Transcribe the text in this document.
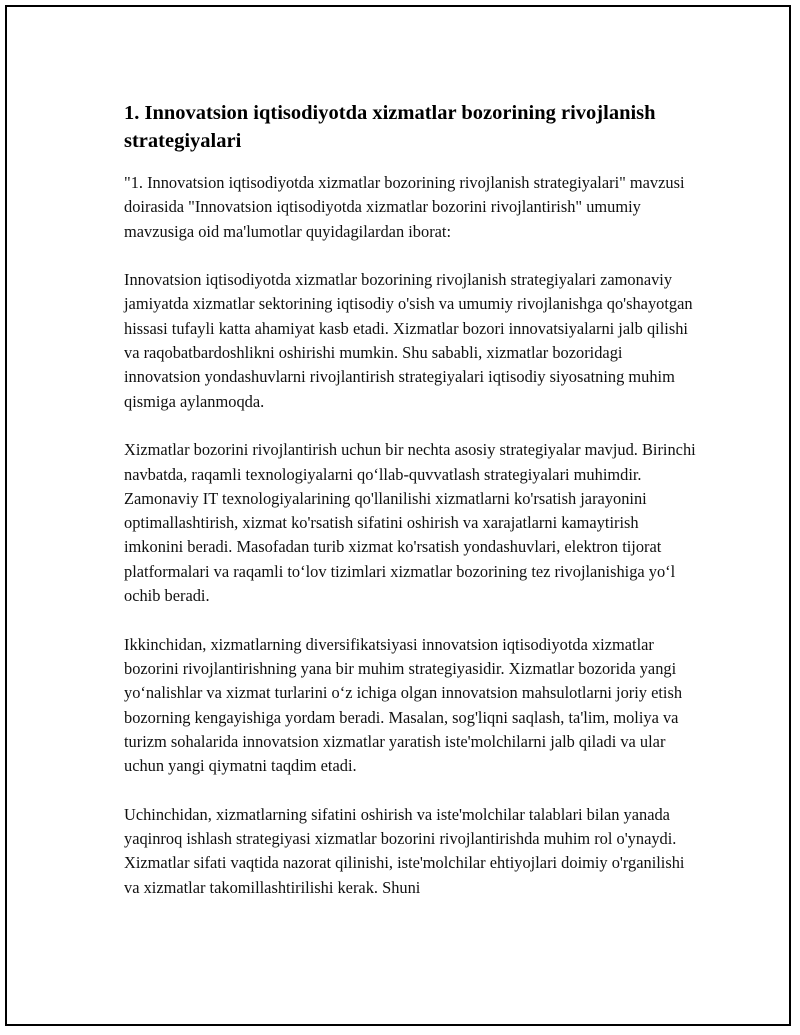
1. Innovatsion iqtisodiyotda xizmatlar bozorining rivojlanish strategiyalari

"1. Innovatsion iqtisodiyotda xizmatlar bozorining rivojlanish strategiyalari" mavzusi doirasida "Innovatsion iqtisodiyotda xizmatlar bozorini rivojlantirish" umumiy mavzusiga oid ma'lumotlar quyidagilardan iborat:

Innovatsion iqtisodiyotda xizmatlar bozorining rivojlanish strategiyalari zamonaviy jamiyatda xizmatlar sektorining iqtisodiy o'sish va umumiy rivojlanishga qo'shayotgan hissasi tufayli katta ahamiyat kasb etadi. Xizmatlar bozori innovatsiyalarni jalb qilishi va raqobatbardoshlikni oshirishi mumkin. Shu sababli, xizmatlar bozoridagi innovatsion yondashuvlarni rivojlantirish strategiyalari iqtisodiy siyosatning muhim qismiga aylanmoqda.

Xizmatlar bozorini rivojlantirish uchun bir nechta asosiy strategiyalar mavjud. Birinchi navbatda, raqamli texnologiyalarni qo‘llab-quvvatlash strategiyalari muhimdir. Zamonaviy IT texnologiyalarining qo'llanilishi xizmatlarni ko'rsatish jarayonini optimallashtirish, xizmat ko'rsatish sifatini oshirish va xarajatlarni kamaytirish imkonini beradi. Masofadan turib xizmat ko'rsatish yondashuvlari, elektron tijorat platformalari va raqamli to‘lov tizimlari xizmatlar bozorining tez rivojlanishiga yo‘l ochib beradi.

Ikkinchidan, xizmatlarning diversifikatsiyasi innovatsion iqtisodiyotda xizmatlar bozorini rivojlantirishning yana bir muhim strategiyasidir. Xizmatlar bozorida yangi yo‘nalishlar va xizmat turlarini o‘z ichiga olgan innovatsion mahsulotlarni joriy etish bozorning kengayishiga yordam beradi. Masalan, sog'liqni saqlash, ta'lim, moliya va turizm sohalarida innovatsion xizmatlar yaratish iste'molchilarni jalb qiladi va ular uchun yangi qiymatni taqdim etadi.

Uchinchidan, xizmatlarning sifatini oshirish va iste'molchilar talablari bilan yanada yaqinroq ishlash strategiyasi xizmatlar bozorini rivojlantirishda muhim rol o'ynaydi. Xizmatlar sifati vaqtida nazorat qilinishi, iste'molchilar ehtiyojlari doimiy o'rganilishi va xizmatlar takomillashtirilishi kerak. Shuni
